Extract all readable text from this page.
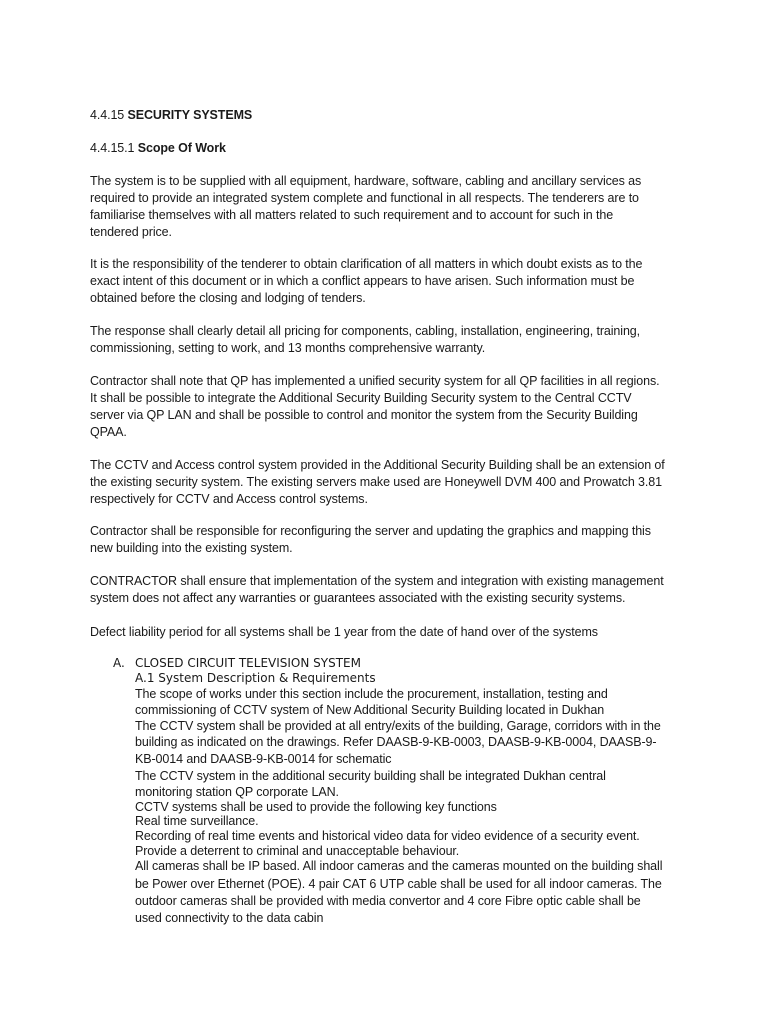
4.4.15 SECURITY SYSTEMS
4.4.15.1 Scope Of Work
The system is to be supplied with all equipment, hardware, software, cabling and ancillary services as
required to provide an integrated system complete and functional in all respects. The tenderers are to
familiarise themselves with all matters related to such requirement and to account for such in the
tendered price.
It is the responsibility of the tenderer to obtain clarification of all matters in which doubt exists as to the
exact intent of this document or in which a conflict appears to have arisen. Such information must be
obtained before the closing and lodging of tenders.
The response shall clearly detail all pricing for components, cabling, installation, engineering, training,
commissioning, setting to work, and 13 months comprehensive warranty.
Contractor shall note that QP has implemented a unified security system for all QP facilities in all regions.
It shall be possible to integrate the Additional Security Building Security system to the Central CCTV
server via QP LAN and shall be possible to control and monitor the system from the Security Building
QPAA.
The CCTV and Access control system provided in the Additional Security Building shall be an extension of
the existing security system. The existing servers make used are Honeywell DVM 400 and Prowatch 3.81
respectively for CCTV and Access control systems.
Contractor shall be responsible for reconfiguring the server and updating the graphics and mapping this
new building into the existing system.
CONTRACTOR shall ensure that implementation of the system and integration with existing management
system does not affect any warranties or guarantees associated with the existing security systems.
Defect liability period for all systems shall be 1 year from the date of hand over of the systems
A. CLOSED CIRCUIT TELEVISION SYSTEM
A.1 System Description & Requirements
The scope of works under this section include the procurement, installation, testing and
commissioning of CCTV system of New Additional Security Building located in Dukhan
The CCTV system shall be provided at all entry/exits of the building, Garage, corridors with in the
building as indicated on the drawings. Refer DAASB-9-KB-0003, DAASB-9-KB-0004, DAASB-9-
KB-0014 and DAASB-9-KB-0014 for schematic
The CCTV system in the additional security building shall be integrated Dukhan central
monitoring station QP corporate LAN.
CCTV systems shall be used to provide the following key functions
Real time surveillance.
Recording of real time events and historical video data for video evidence of a security event.
Provide a deterrent to criminal and unacceptable behaviour.
All cameras shall be IP based. All indoor cameras and the cameras mounted on the building shall
be Power over Ethernet (POE). 4 pair CAT 6 UTP cable shall be used for all indoor cameras. The
outdoor cameras shall be provided with media convertor and 4 core Fibre optic cable shall be
used connectivity to the data cabin
